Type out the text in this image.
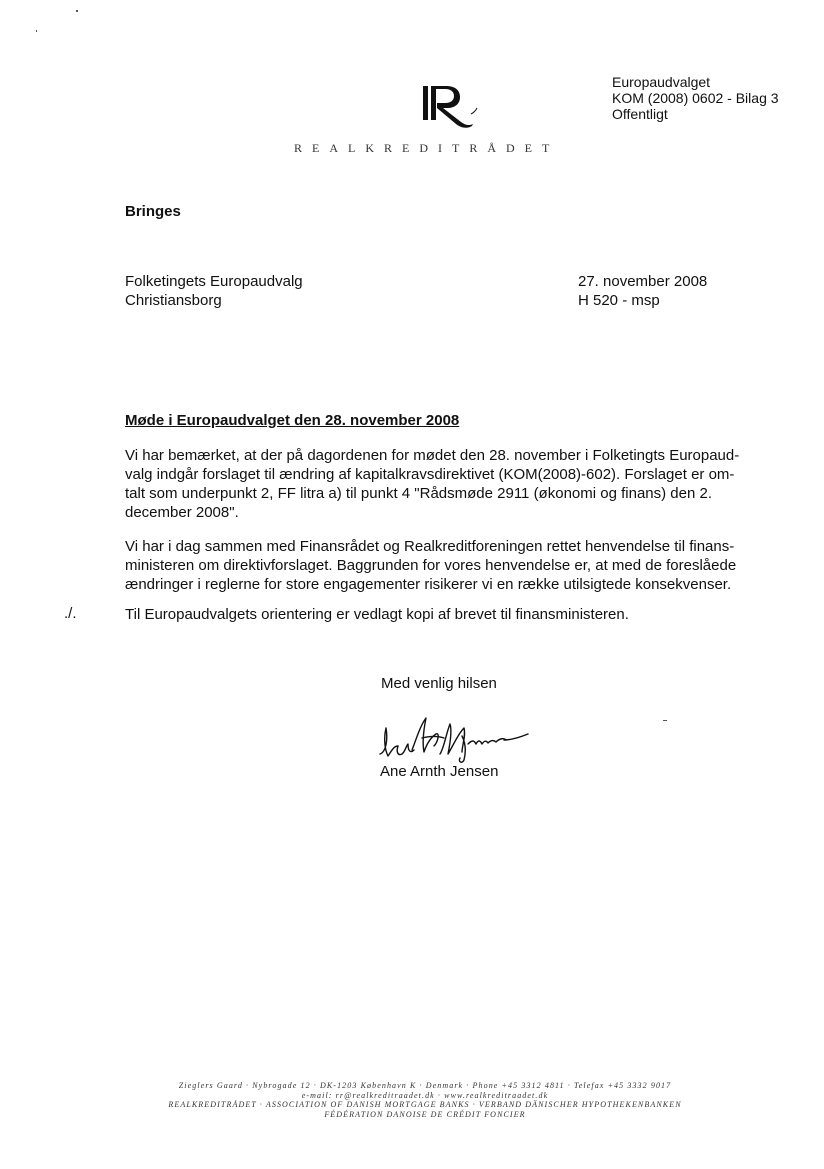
REALKREDITRÅDET
Europaudvalget
KOM (2008) 0602 - Bilag 3
Offentligt
Bringes
Folketingets Europaudvalg
Christiansborg
27. november 2008
H 520 - msp
Møde i Europaudvalget den 28. november 2008
Vi har bemærket, at der på dagordenen for mødet den 28. november i Folketingts Europaud-
valg indgår forslaget til ændring af kapitalkravsdirektivet (KOM(2008)-602). Forslaget er om-
talt som underpunkt 2, FF litra a) til punkt 4 "Rådsmøde 2911 (økonomi og finans) den 2.
december 2008".
Vi har i dag sammen med Finansrådet og Realkreditforeningen rettet henvendelse til finans-
ministeren om direktivforslaget. Baggrunden for vores henvendelse er, at med de foreslåede
ændringer i reglerne for store engagementer risikerer vi en række utilsigtede konsekvenser.
./.	Til Europaudvalgets orientering er vedlagt kopi af brevet til finansministeren.
Med venlig hilsen
Ane Arnth Jensen
Zieglers Gaard · Nybrogade 12 · DK-1203 København K · Denmark · Phone +45 3312 4811 · Telefax +45 3332 9017
e-mail: rr@realkreditraadet.dk · www.realkreditraadet.dk
REALKREDITRÅDET · ASSOCIATION OF DANISH MORTGAGE BANKS · VERBAND DÄNISCHER HYPOTHEKENBANKEN
FÉDÉRATION DANOISE DE CRÉDIT FONCIER
